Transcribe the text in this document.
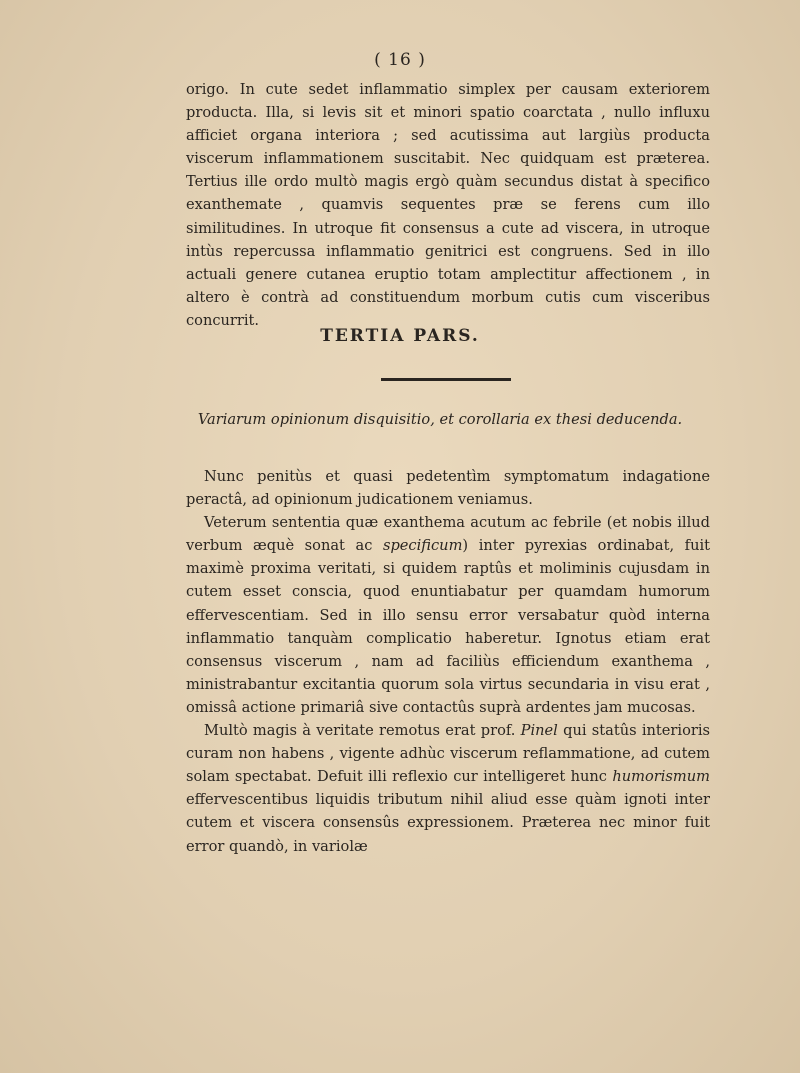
( 16 )

origo. In cute sedet inflammatio simplex per causam exteriorem producta. Illa, si levis sit et minori spatio coarctata , nullo influxu afficiet organa interiora ; sed acutissima aut largiùs producta viscerum inflammationem suscitabit. Nec quidquam est præterea. Tertius ille ordo multò magis ergò quàm secundus distat à specifico exanthemate , quamvis sequentes præ se ferens cum illo similitudines. In utroque fit consensus a cute ad viscera, in utroque intùs repercussa inflammatio genitrici est congruens. Sed in illo actuali genere cutanea eruptio totam amplectitur affectionem , in altero è contrà ad constituendum morbum cutis cum visceribus concurrit.

TERTIA PARS.
Variarum opinionum disquisitio, et corollaria ex thesi deducenda.

Nunc penitùs et quasi pedetentìm symptomatum indagatione peractâ, ad opinionum judicationem veniamus.

Veterum sententia quæ exanthema acutum ac febrile (et nobis illud verbum æquè sonat ac specificum) inter pyrexias ordinabat, fuit maximè proxima veritati, si quidem raptûs et moliminis cujusdam in cutem esset conscia, quod enuntiabatur per quamdam humorum effervescentiam. Sed in illo sensu error versabatur quòd interna inflammatio tanquàm complicatio haberetur. Ignotus etiam erat consensus viscerum , nam ad faciliùs efficiendum exanthema , ministrabantur excitantia quorum sola virtus secundaria in visu erat , omissâ actione primariâ sive contactûs suprà ardentes jam mucosas.

Multò magis à veritate remotus erat prof. Pinel qui statûs interioris curam non habens , vigente adhùc viscerum reflammatione, ad cutem solam spectabat. Defuit illi reflexio cur intelligeret hunc humorismum effervescentibus liquidis tributum nihil aliud esse quàm ignoti inter cutem et viscera consensûs expressionem. Præterea nec minor fuit error quandò, in variolæ
